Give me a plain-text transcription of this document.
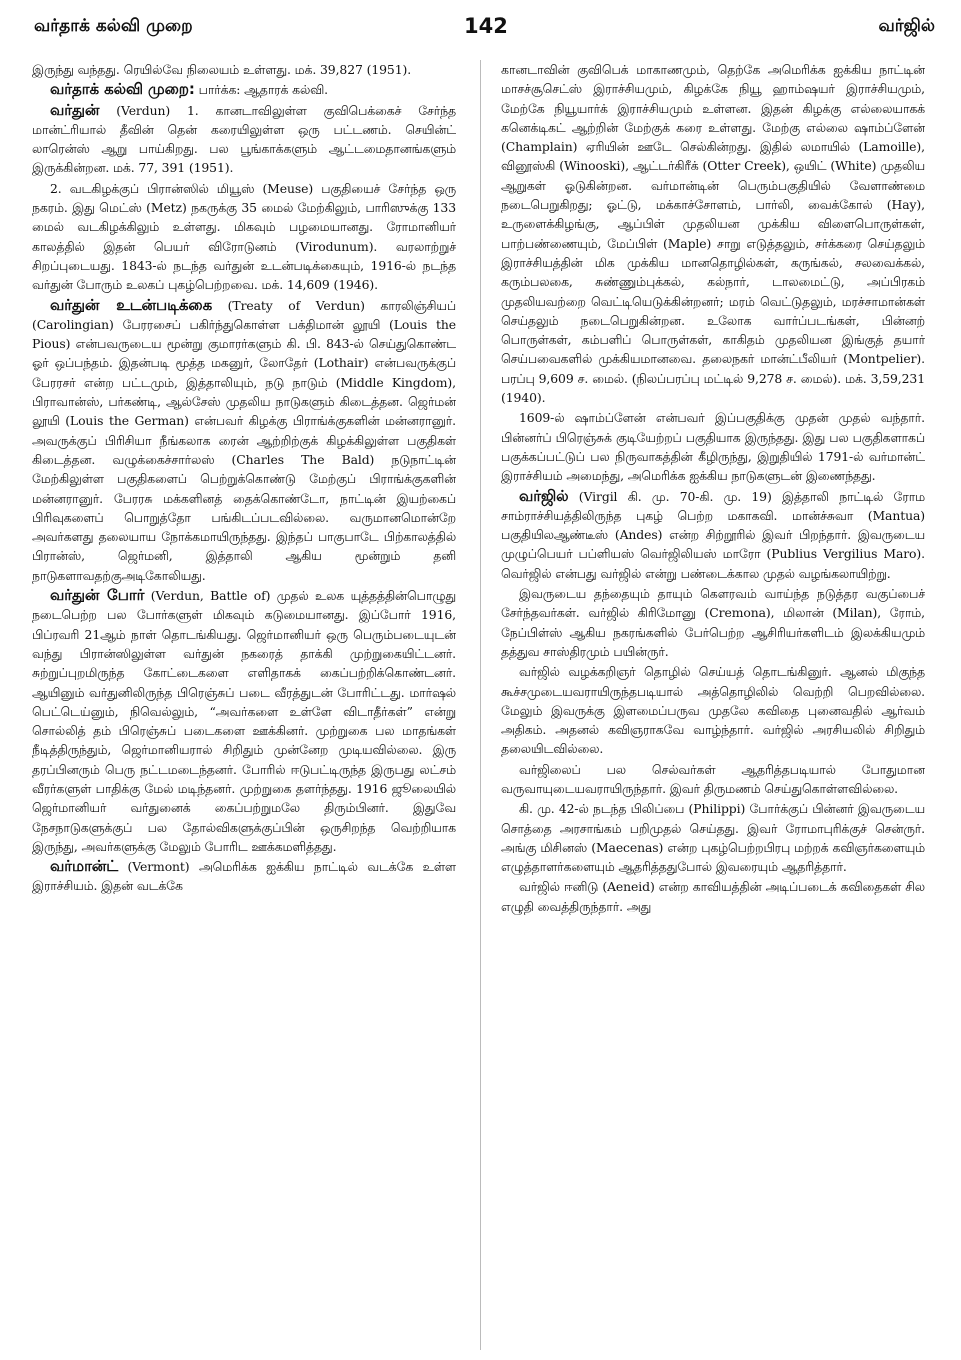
வர்தாக் கல்வி முறை	142	வர்ஜில்

இருந்து வந்தது. ரெயில்வே நிலையம் உள்ளது. மக். 39,827 (1951).

வர்தாக் கல்வி முறை: பார்க்க: ஆதாரக் கல்வி.

வர்துன் (Verdun) 1. கானடாவிலுள்ள குவிபெக்கைச் சேர்ந்த மான்ட்ரியால் தீவின் தென் கரையிலுள்ள ஒரு பட்டணம். செயின்ட் லாரென்ஸ் ஆறு பாய்கிறது. பல பூங்காக்களும் ஆட்டமைதானங்களும் இருக்கின்றன. மக். 77, 391 (1951).

2. வடகிழக்குப் பிரான்ஸில் மியூஸ் (Meuse) பகுதியைச் சேர்ந்த ஒரு நகரம். இது மெட்ஸ் (Metz) நகருக்கு 35 மைல் மேற்கிலும், பாரிஸுக்கு 133 மைல் வடகிழக்கிலும் உள்ளது. மிகவும் பழமையானது. ரோமானியர் காலத்தில் இதன் பெயர் விரோடுனம் (Virodunum). வரலாற்றுச் சிறப்புடையது. 1843-ல் நடந்த வர்துன் உடன்படிக்கையும், 1916-ல் நடந்த வர்துன் போரும் உலகப் புகழ்பெற்றவை. மக். 14,609 (1946).

வர்துன் உடன்படிக்கை (Treaty of Verdun) காரலிஞ்சியப் (Carolingian) பேரரசைப் பகிர்ந்துகொள்ள பக்திமான் லூயி (Louis the Pious) என்பவருடைய மூன்று குமாரர்களும் கி. பி. 843-ல் செய்துகொண்ட ஓர் ஒப்பந்தம். இதன்படி மூத்த மகனுர், லோதேர் (Lothair) என்பவருக்குப் பேரரசர் என்ற பட்டமும், இத்தாலியும், நடு நாடும் (Middle Kingdom), பிராவான்ஸ், பர்கண்டி, ஆல்சேஸ் முதலிய நாடுகளும் கிடைத்தன. ஜெர்மன் லூயி (Louis the German) என்பவர் கிழக்கு பிராங்க்குகளின் மன்னரானுர். அவருக்குப் பிரிசியா நீங்கலாக ரைன் ஆற்றிற்குக் கிழக்கிலுள்ள பகுதிகள் கிடைத்தன. வழுக்கைச்சார்லஸ் (Charles The Bald) நடுநாட்டின் மேற்கிலுள்ள பகுதிகளைப் பெற்றுக்கொண்டு மேற்குப் பிராங்க்குகளின் மன்னரானுர். பேரரசு மக்களினத் தைக்கொண்டோ, நாட்டின் இயற்கைப் பிரிவுகளைப் பொறுத்தோ பங்கிடப்படவில்லை. வருமானமொன்றே அவர்களது தலையாய நோக்கமாயிருந்தது. இந்தப் பாகுபாடே பிற்காலத்தில் பிரான்ஸ், ஜெர்மனி, இத்தாலி ஆகிய மூன்றும் தனி நாடுகளாவதற்குஅடிகோலியது.

வர்துன் போர் (Verdun, Battle of) முதல் உலக யுத்தத்தின்பொழுது நடைபெற்ற பல போர்களுள் மிகவும் கடுமையானது. இப்போர் 1916, பிப்ரவரி 21ஆம் நாள் தொடங்கியது. ஜெர்மானியர் ஒரு பெரும்படையுடன் வந்து பிரான்ஸிலுள்ள வர்துன் நகரைத் தாக்கி முற்றுகையிட்டனர். சுற்றுப்புறமிருந்த கோட்டைகளை எளிதாகக் கைப்பற்றிக்கொண்டனர். ஆயினும் வர்துனிலிருந்த பிரெஞ்சுப் படை வீரத்துடன் போரிட்டது. மார்ஷல் பெட்டெய்னும், நிவெல்லும், “அவர்களை உள்ளே விடாதீர்கள்” என்று சொல்லித் தம் பிரெஞ்சுப் படைகளை ஊக்கினர். முற்றுகை பல மாதங்கள் நீடித்திருந்தும், ஜெர்மானியரால் சிறிதும் முன்னேற முடியவில்லை. இரு தரப்பினரும் பெரு நட்டமடைந்தனர். போரில் ஈடுபட்டிருந்த இருபது லட்சம் வீரர்களுள் பாதிக்கு மேல் மடிந்தனர். முற்றுகை தளர்ந்தது. 1916 ஜூலையில் ஜெர்மானியர் வர்துனைக் கைப்பற்றுமலே திரும்பினர். இதுவே நேசநாடுகளுக்குப் பல தோல்விகளுக்குப்பின் ஒருசிறந்த வெற்றியாக இருந்து, அவர்களுக்கு மேலும் போரிட ஊக்கமளித்தது.

வர்மான்ட் (Vermont) அமெரிக்க ஐக்கிய நாட்டில் வடக்கே உள்ள இராச்சியம். இதன் வடக்கே

கானடாவின் குவிபெக் மாகாணமும், தெற்கே அமெரிக்க ஐக்கிய நாட்டின் மாசச்சூசெட்ஸ் இராச்சியமும், கிழக்கே நியூ ஹாம்ஷயர் இராச்சியமும், மேற்கே நியூயார்க் இராச்சியமும் உள்ளன. இதன் கிழக்கு எல்லையாகக் கனெக்டிகட் ஆற்றின் மேற்குக் கரை உள்ளது. மேற்கு எல்லை ஷாம்ப்ளேன் (Champlain) ஏரியின் ஊடே செல்கின்றது. இதில் லமாயில் (Lamoille), வினூஸ்கி (Winooski), ஆட்டர்கிரீக் (Otter Creek), ஒயிட் (White) முதலிய ஆறுகள் ஓடுகின்றன. வர்மான்டின் பெரும்பகுதியில் வேளாண்மை நடைபெறுகிறது; ஓட்டு, மக்காச்சோளம், பார்லி, வைக்கோல் (Hay), உருளைக்கிழங்கு, ஆப்பிள் முதலியன முக்கிய விளைபொருள்கள், பாற்பண்ணையும், மேப்பிள் (Maple) சாறு எடுத்தலும், சர்க்கரை செய்தலும் இராச்சியத்தின் மிக முக்கிய மானதொழில்கள், கருங்கல், சலவைக்கல், கரும்பலகை, சுண்ணும்புக்கல், கல்நார், டாலமைட்டு, அப்பிரகம் முதலியவற்றை வெட்டியெடுக்கின்றனர்; மரம் வெட்டுதலும், மரச்சாமான்கள் செய்தலும் நடைபெறுகின்றன. உலோக வார்ப்படங்கள், பின்னற் பொருள்கள், கம்பளிப் பொருள்கள், காகிதம் முதலியன இங்குத் தயார் செய்பவைகளில் முக்கியமானவை. தலைநகர் மான்ட்பீலியர் (Montpelier). பரப்பு 9,609 ச. மைல். (நிலப்பரப்பு மட்டில் 9,278 ச. மைல்). மக். 3,59,231 (1940).

1609-ல் ஷாம்ப்ளேன் என்பவர் இப்பகுதிக்கு முதன் முதல் வந்தார். பின்னர்ப் பிரெஞ்சுக் குடியேற்றப் பகுதியாக இருந்தது. இது பல பகுதிகளாகப் பகுக்கப்பட்டுப் பல நிருவாகத்தின் கீழிருந்து, இறுதியில் 1791-ல் வர்மான்ட் இராச்சியம் அமைந்து, அமெரிக்க ஐக்கிய நாடுகளுடன் இணைந்தது.

வர்ஜில் (Virgil கி. மு. 70-கி. மு. 19) இத்தாலி நாட்டில் ரோம சாம்ராச்சியத்திலிருந்த புகழ் பெற்ற மகாகவி. மான்ச்சுவா (Mantua) பகுதியிலஆண்டீஸ் (Andes) என்ற சிற்றூரில் இவர் பிறந்தார். இவருடைய முழுப்பெயர் பப்ளியஸ் வெர்ஜிலியஸ் மாரோ (Publius Vergilius Maro). வெர்ஜில் என்பது வர்ஜில் என்று பண்டைக்கால முதல் வழங்கலாயிற்று.

இவருடைய தந்தையும் தாயும் கௌரவம் வாய்ந்த நடுத்தர வகுப்பைச் சேர்ந்தவர்கள். வர்ஜில் கிரிமோனு (Cremona), மிலான் (Milan), ரோம், நேப்பிள்ஸ் ஆகிய நகரங்களில் பேர்பெற்ற ஆசிரியர்களிடம் இலக்கியமும் தத்துவ சாஸ்திரமும் பயின்ருர்.

வர்ஜில் வழக்கறிஞர் தொழில் செய்யத் தொடங்கினுர். ஆனல் மிகுந்த கூச்சமுடையவராயிருந்தபடியால் அத்தொழிலில் வெற்றி பெறவில்லை. மேலும் இவருக்கு இளமைப்பருவ முதலே கவிதை புனைவதில் ஆர்வம் அதிகம். அதனல் கவிஞராகவே வாழ்ந்தார். வர்ஜில் அரசியலில் சிறிதும் தலையிடவில்லை.

வர்ஜிலைப் பல செல்வர்கள் ஆதரித்தபடியால் போதுமான வருவாயுடையவராயிருந்தார். இவர் திருமணம் செய்துகொள்ளவில்லை.

கி. மு. 42-ல் நடந்த பிலிப்பை (Philippi) போர்க்குப் பின்னர் இவருடைய சொத்தை அரசாங்கம் பறிமுதல் செய்தது. இவர் ரோமாபுரிக்குச் சென்ருர். அங்கு மிசினஸ் (Maecenas) என்ற புகழ்பெற்றபிரபு மற்றக் கவிஞர்களையும் எழுத்தாளர்களையும் ஆதரித்ததுபோல் இவரையும் ஆதரித்தார்.

வர்ஜில் ஈனிடு (Aeneid) என்ற காவியத்தின் அடிப்படைக் கவிதைகள் சில எழுதி வைத்திருந்தார். அது
